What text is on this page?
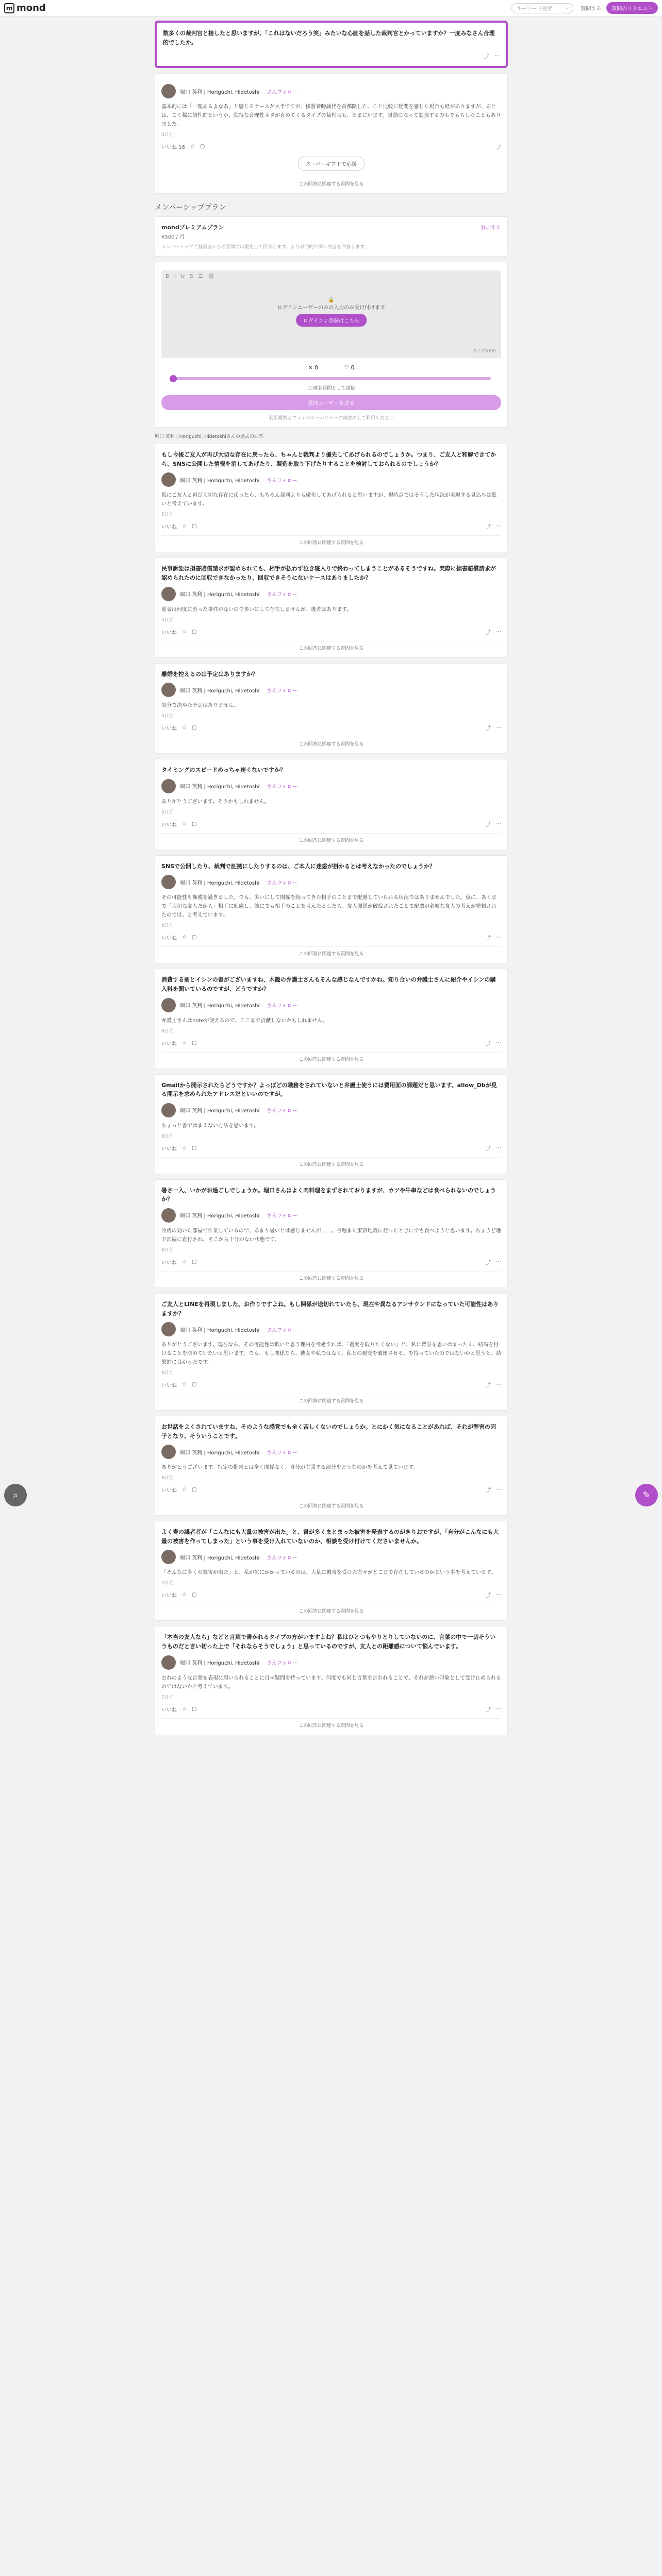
m mond	キーワード検索	⌕ 質問する	質問のリクエスト
数多くの裁判官と接したと思いますが、「これはないだろう笑」みたいな心証を話した裁判官とかっていますか？一度みなさん合理的でしたか。
⤴ ⋯
堀口 英利 | Horiguchi, Hidetoshi さんフォロー
基本的には「一理あるよなあ」と感じるケースが大半ですが、修習者時論代を首都陰した、こと比較に疑問を感じた場合も経がありますが、あとは、ごく稀に個性的というか、独特な合理性ネタが直めてくるタイプの裁判官も、たまにいます。貴動になって勉強するのもでもらしたこともありました。
3日前
いいね 16 ☆ ▢	⤴
スーパーギフトで応援
この回答に関連する質問を見る
メンバーシッププラン
参加する
mondプレミアムプラン
¥500 / 月
メンバーシップご登録者からの質問には優先して回答します。より専門的で深い内容を回答します。
B I U S ☰ ⛓
🔒
ログインユーザーのみの入力のみ受け付けます
ログイン / 登録はこちら
0 / 20000
✕ 0	♡ 0
☐ 匿名質問として送信
質問ユーザーを送る
利用規約とプライバシーポリシーに同意の上ご利用ください
堀口 英利 | Horiguchi, Hidetoshiさんの過去の回答
もし今後ご友人が再び大切な存在に戻ったら、ちゃんと裁判より優先してあげられるのでしょうか。つまり、ご友人と和解できてから、SNSに公開した情報を消してあげたり、製造を取り下げたりすることを検討しておられるのでしょうか？
堀口 英利 | Horiguchi, Hidetoshi さんフォロー
仮にご友人と再び大切な存在に戻ったら、もちろん裁判よりも優先してあげられると思いますが、現時点ではそうした状況が実現する見込みは低いと考えています。
5日前
いいね ☆ ▢	⤴ ⋯
この回答に関連する質問を見る
民事訴訟は損害賠償請求が認められても、相手が払わず泣き寝入りで終わってしまうことがあるそうですね。実際に損害賠償請求が認められたのに回収できなかったり、回収できそうにないケースはありましたか？
堀口 英利 | Horiguchi, Hidetoshi さんフォロー
前者は何度に至った事件がないので多いにして存在しませんが、後者はあります。
5日前
いいね ☆ ▢	⤴ ⋯
この回答に関連する質問を見る
離婚を控えるのは予定はありますか？
堀口 英利 | Horiguchi, Hidetoshi さんフォロー
気分で決めた予定はありません。
5日前
いいね ☆ ▢	⤴ ⋯
この回答に関連する質問を見る
タイミングのスピードめっちゃ速くないですか？
堀口 英利 | Horiguchi, Hidetoshi さんフォロー
ありがとうございます。そうかもしれません。
5日前
いいね ☆ ▢	⤴ ⋯
この回答に関連する質問を見る
SNSで公開したり、裁判で証拠にしたりするのは、ご本人に迷惑が掛かるとは考えなかったのでしょうか？
堀口 英利 | Horiguchi, Hidetoshi さんフォロー
その可能性も擁護を過ぎました。でも、多いにして関係を続ってきた相手のことまで配慮していられる状況ではありませんでした。仮に、あくまで「大切な友人だから」相手に配慮し、誰にでも相手のことを考えたとしたら、友人関係が破綻されたことで配慮が必要な友人の考えが整頓されたのでは、と考えています。
6日前
いいね ☆ ▢	⤴ ⋯
この回答に関連する質問を見る
消費する前とイシンの書がございますね、木籠の弁護士さんもそんな感じなんですかね。知り合いの弁護士さんに紹介やイシンの購入料を聞いているのですが、どうですか？
堀口 英利 | Horiguchi, Hidetoshi さんフォロー
弁護士さんはnoteが使えるので、ここまで貢献しないかもしれません。
6日前
いいね ☆ ▢	⤴ ⋯
この回答に関連する質問を見る
Gmailから開示されたらどうですか？よっぽどの職務をされていないと弁護士使うには費用面の課題だと思います。allow_Dbが見る開示を求められたアドレスだといいのですが。
堀口 英利 | Horiguchi, Hidetoshi さんフォロー
ちょっと書ではまえない方法を思います。
6日前
いいね ☆ ▢	⤴ ⋯
この回答に関連する質問を見る
暑さ一入、いかがお過ごしでしょうか。堀口さんはよく肉料理をまずされておりますが、カツや牛串などは食べられないのでしょうか？
堀口 英利 | Horiguchi, Hidetoshi さんフォロー
冷房の効いた部屋で作業しているので、あまり暑いとは感じませんが……。今週また東京地裁に行ったときにでも食べようと思います。ちょうど地下部屋に直行され、そこから十分がない状態です。
6日前
いいね ☆ ▢	⤴ ⋯
この回答に関連する質問を見る
ご友人とLINEを再現しました、お作りですよね。もし関係が途切れていたら、現在や異なるアンサウンドになっていた可能性はありますか？
堀口 英利 | Horiguchi, Hidetoshi さんフォロー
ありがとうございます。現在なら、その可能性は低いと思う理由を考慮すれば、「過度を取りたくない」と、私に背景を思いはまったく、結局を付けることを決めていたいと思います。でも、もし関係なら、彼女や私ではなく、私との親交を破壊させる、を持っていたのではないかと思うと、結果的に良かったです。
6日前
いいね ☆ ▢	⤴ ⋯
この回答に関連する質問を見る
お世話をよくされていますね、そのような感覚でも全く苦しくないのでしょうか。とにかく気になることがあれば、それが弊害の因子となり、そういうことです。
堀口 英利 | Horiguchi, Hidetoshi さんフォロー
ありがとうございます。特定の批判とは全く関係なく、自分が主張する部分をどうなのかを考えて見ています。
6日前
いいね ☆ ▢	⤴ ⋯
この回答に関連する質問を見る
よく書の議者者が「こんなにも大量の被害が出た」と、書が多くまとまった被害を発表するのがきりおですが、「自分がこんなにも大量の被害を作ってしまった」という事を受け入れていないのか、相談を受け付けてくださいませんか。
堀口 英利 | Horiguchi, Hidetoshi さんフォロー
「そんなに多くの被害が出た」と、私が気にかかっているのは、大量に被害を受けた方々がどこまで存在しているのかという事を考えています。
7日前
いいね ☆ ▢	⤴ ⋯
この回答に関連する質問を見る
「本当の友人なら」などと言葉で書かれるタイプの方がいますよね？私はひとつもやりとりしていないのに、言葉の中で一切そういうものだと言い切った上で「それならそうでしょう」と思っているのですが、友人との距離感について悩んでいます。
堀口 英利 | Horiguchi, Hidetoshi さんフォロー
おれのような言葉を表現に用いられることに日々疑問を持っています。何度でも同じ言葉を言われることで、それが悪い印象として受け止められるのではないかと考えています。
7日前
いいね ☆ ▢	⤴ ⋯
この回答に関連する質問を見る
⌕	✎
